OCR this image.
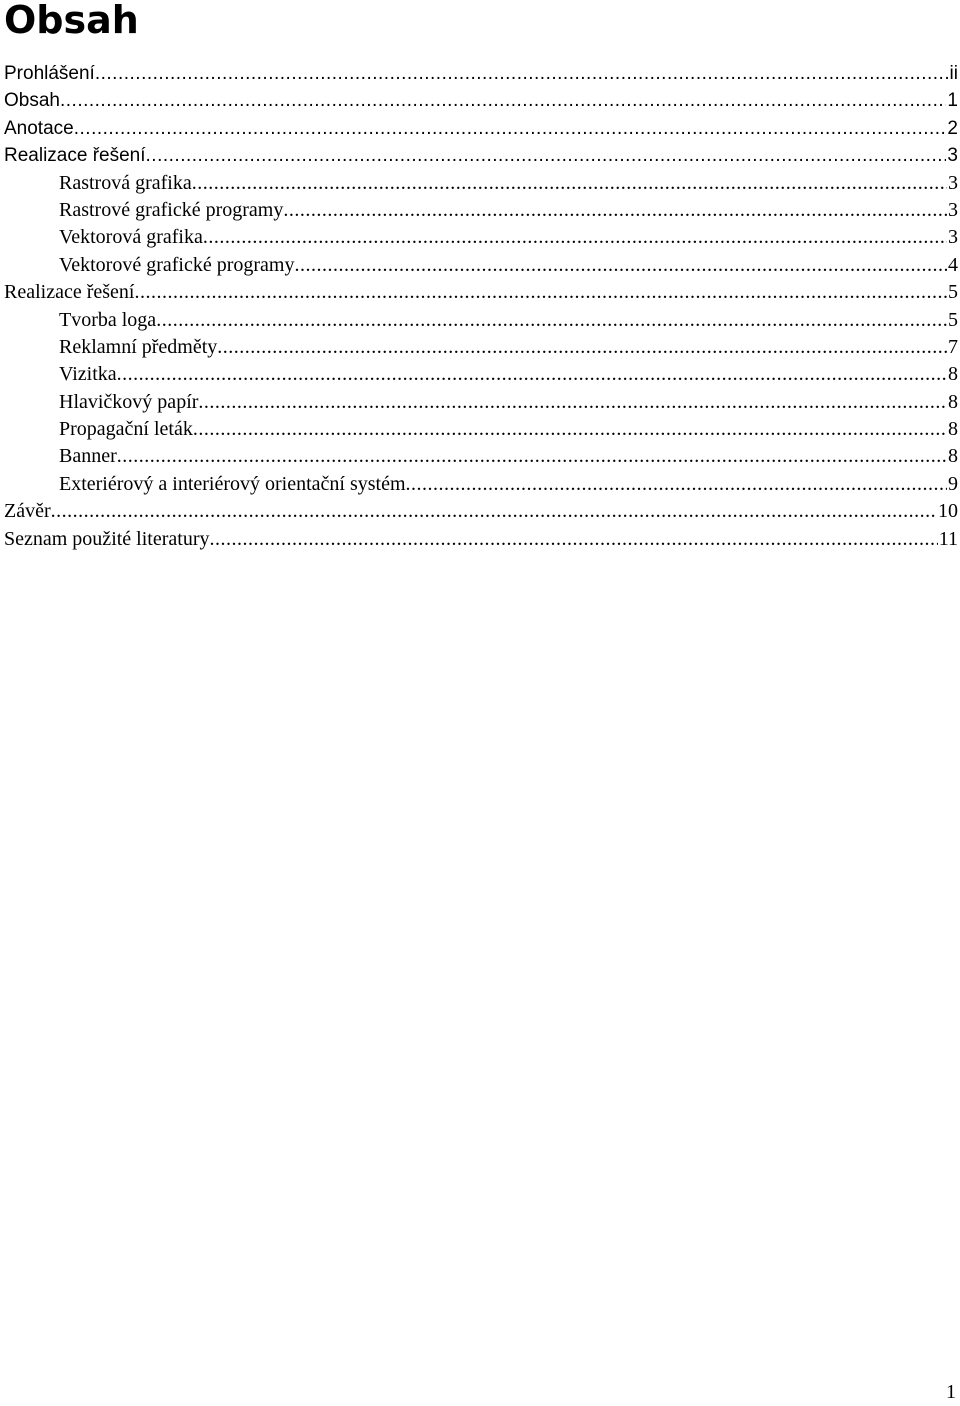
Obsah
Prohlášení .....	ii
Obsah .....	1
Anotace .....	2
Realizace řešení .....	3
Rastrová grafika .....	3
Rastrové grafické programy .....	3
Vektorová grafika .....	3
Vektorové grafické programy .....	4
Realizace řešení .....	5
Tvorba loga .....	5
Reklamní předměty .....	7
Vizitka .....	8
Hlavičkový papír .....	8
Propagační leták .....	8
Banner .....	8
Exteriérový a interiérový orientační systém .....	9
Závěr .....	10
Seznam použité literatury .....	11
1
